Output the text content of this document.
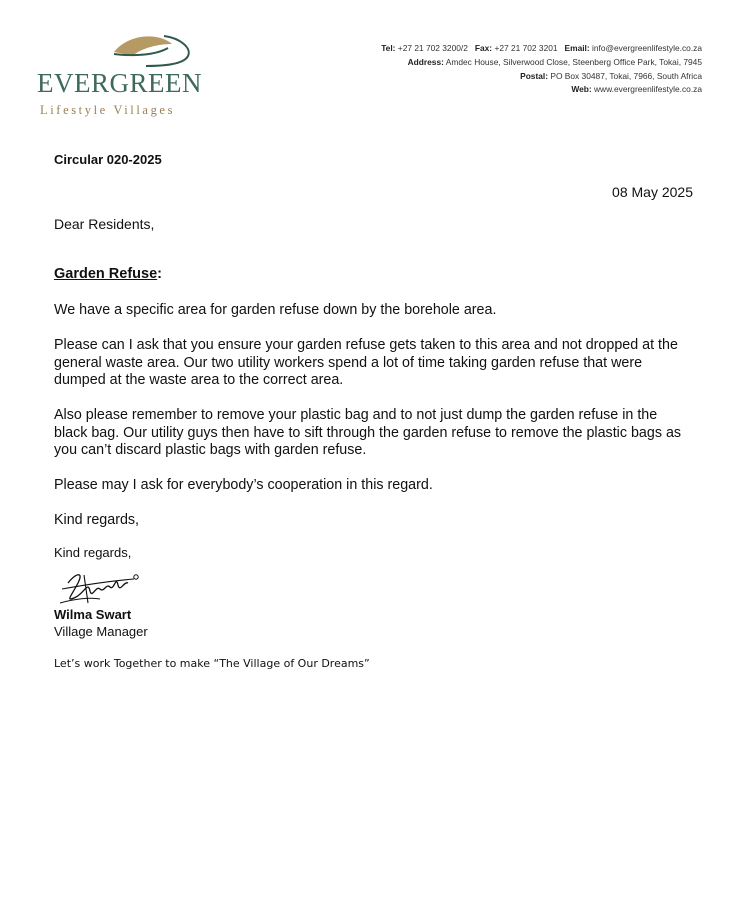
EVERGREEN
Lifestyle Villages
Tel: +27 21 702 3200/2 Fax: +27 21 702 3201 Email: info@evergreenlifestyle.co.za
Address: Amdec House, Silverwood Close, Steenberg Office Park, Tokai, 7945
Postal: PO Box 30487, Tokai, 7966, South Africa
Web: www.evergreenlifestyle.co.za
Circular 020-2025
08 May 2025
Dear Residents,
Garden Refuse:
We have a specific area for garden refuse down by the borehole area.
Please can I ask that you ensure your garden refuse gets taken to this area and not dropped at the general waste area. Our two utility workers spend a lot of time taking garden refuse that were dumped at the waste area to the correct area.
Also please remember to remove your plastic bag and to not just dump the garden refuse in the black bag. Our utility guys then have to sift through the garden refuse to remove the plastic bags as you can’t discard plastic bags with garden refuse.
Please may I ask for everybody’s cooperation in this regard.
Kind regards,
Kind regards,
Wilma Swart
Village Manager
Let’s work Together to make “The Village of Our Dreams”
